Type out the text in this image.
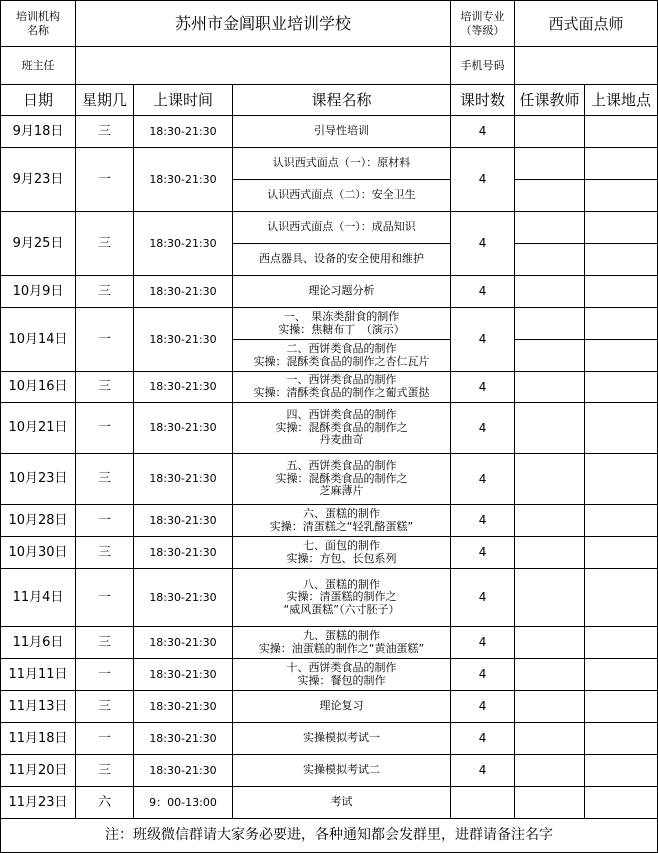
培训机构
名称	苏州市金阊职业培训学校			培训专业
（等级）	西式面点师	
班主任				手机号码		
日期	星期几	上课时间	课程名称	课时数	任课教师	上课地点
9月18日	三	18:30-21:30	引导性培训	4		
9月23日	一	18:30-21:30	认识西式面点（一）：原材料	4		

			认识西式面点（二）：安全卫生			

9月25日	三	18:30-21:30	认识西式面点（一）：成品知识	4		

			西点器具、设备的安全使用和维护			

10月9日	三	18:30-21:30	理论习题分析	4		
10月14日	一	18:30-21:30	一、　果冻类甜食的制作
实操：焦糖布丁　（演示）	4		

			二、西饼类食品的制作
实操：混酥类食品的制作之杏仁瓦片			

10月16日	三	18:30-21:30	一、西饼类食品的制作
实操：清酥类食品的制作之葡式蛋挞	4		
10月21日	一	18:30-21:30	四、西饼类食品的制作
实操：混酥类食品的制作之
丹麦曲奇	4		
10月23日	三	18:30-21:30	五、西饼类食品的制作
实操：混酥类食品的制作之
芝麻薄片	4		
10月28日	一	18:30-21:30	六、蛋糕的制作
实操：清蛋糕之“轻乳酪蛋糕”	4		
10月30日	三	18:30-21:30	七、面包的制作
实操：方包、长包系列	4		
11月4日	一	18:30-21:30	八、蛋糕的制作
实操：清蛋糕的制作之
“威风蛋糕”（六寸胚子）	4		
11月6日	三	18:30-21:30	九、蛋糕的制作
实操：油蛋糕的制作之“黄油蛋糕”	4		
11月11日	一	18:30-21:30	十、西饼类食品的制作
实操：餐包的制作	4		
11月13日	三	18:30-21:30	理论复习	4		
11月18日	一	18:30-21:30	实操模拟考试一	4		
11月20日	三	18:30-21:30	实操模拟考试二	4		
11月23日	六	9：00-13:00	考试			

注：班级微信群请大家务必要进，各种通知都会发群里，进群请备注名字						
